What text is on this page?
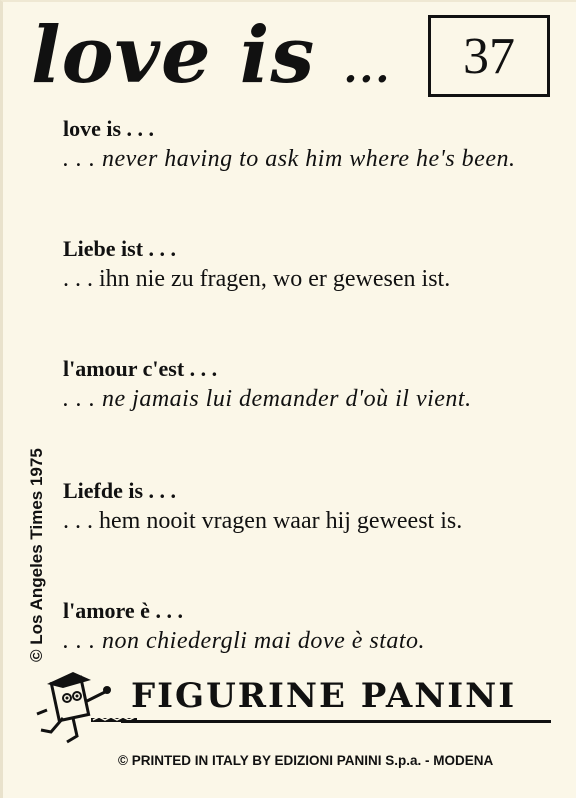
love is ... 37

love is . . .

. . . never having to ask him where he's been.

Liebe ist . . .

. . . ihn nie zu fragen, wo er gewesen ist.

l'amour c'est . . .

. . . ne jamais lui demander d'où il vient.

Liefde is . . .

. . . hem nooit vragen waar hij geweest is.

l'amore è . . .

. . . non chiedergli mai dove è stato.

© Los Angeles Times 1975
FIGURINE PANINI
© PRINTED IN ITALY BY EDIZIONI PANINI S.p.a. - MODENA
